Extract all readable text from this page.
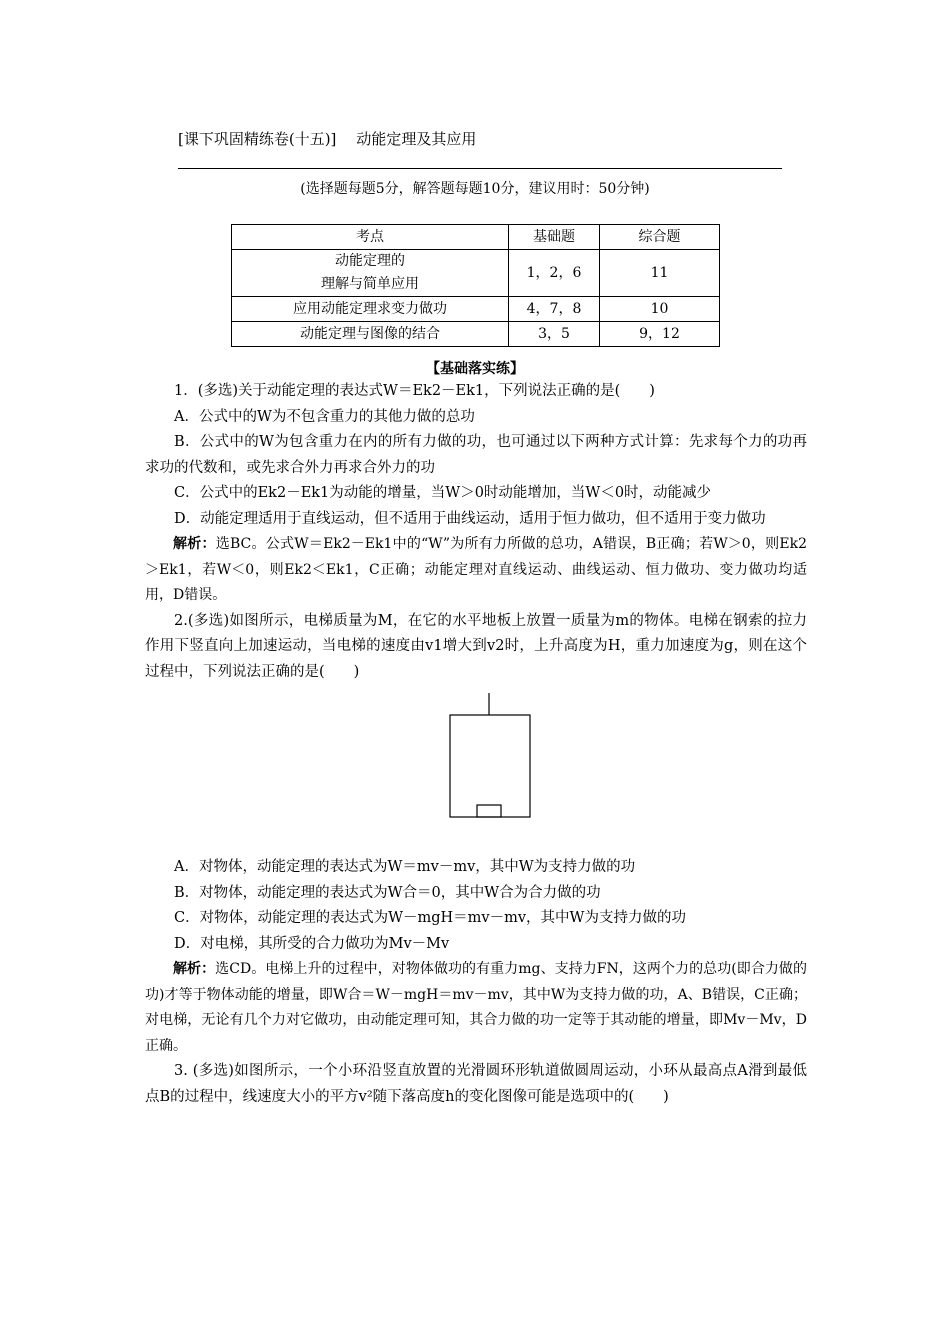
[课下巩固精练卷(十五)] 动能定理及其应用
(选择题每题5分，解答题每题10分，建议用时：50分钟)
考点	基础题	综合题

动能定理的
理解与简单应用	1，2，6	11
应用动能定理求变力做功	4，7，8	10
动能定理与图像的结合	3，5	9，12
【基础落实练】

1．(多选)关于动能定理的表达式W＝Ek2－Ek1，下列说法正确的是(　　)

A．公式中的W为不包含重力的其他力做的总功

B．公式中的W为包含重力在内的所有力做的功，也可通过以下两种方式计算：先求每个力的功再求功的代数和，或先求合外力再求合外力的功

C．公式中的Ek2－Ek1为动能的增量，当W＞0时动能增加，当W＜0时，动能减少

D．动能定理适用于直线运动，但不适用于曲线运动，适用于恒力做功，但不适用于变力做功

解析：选BC。公式W＝Ek2－Ek1中的“W”为所有力所做的总功，A错误，B正确；若W＞0，则Ek2＞Ek1，若W＜0，则Ek2＜Ek1，C正确；动能定理对直线运动、曲线运动、恒力做功、变力做功均适用，D错误。

2.(多选)如图所示，电梯质量为M，在它的水平地板上放置一质量为m的物体。电梯在钢索的拉力作用下竖直向上加速运动，当电梯的速度由v1增大到v2时，上升高度为H，重力加速度为g，则在这个过程中，下列说法正确的是(　　)

A．对物体，动能定理的表达式为W＝mv－mv，其中W为支持力做的功

B．对物体，动能定理的表达式为W合＝0，其中W合为合力做的功

C．对物体，动能定理的表达式为W－mgH＝mv－mv，其中W为支持力做的功

D．对电梯，其所受的合力做功为Mv－Mv

解析：选CD。电梯上升的过程中，对物体做功的有重力mg、支持力FN，这两个力的总功(即合力做的功)才等于物体动能的增量，即W合＝W－mgH＝mv－mv，其中W为支持力做的功，A、B错误，C正确；对电梯，无论有几个力对它做功，由动能定理可知，其合力做的功一定等于其动能的增量，即Mv－Mv，D正确。

3. (多选)如图所示，一个小环沿竖直放置的光滑圆环形轨道做圆周运动，小环从最高点A滑到最低点B的过程中，线速度大小的平方v²随下落高度h的变化图像可能是选项中的(　　)
